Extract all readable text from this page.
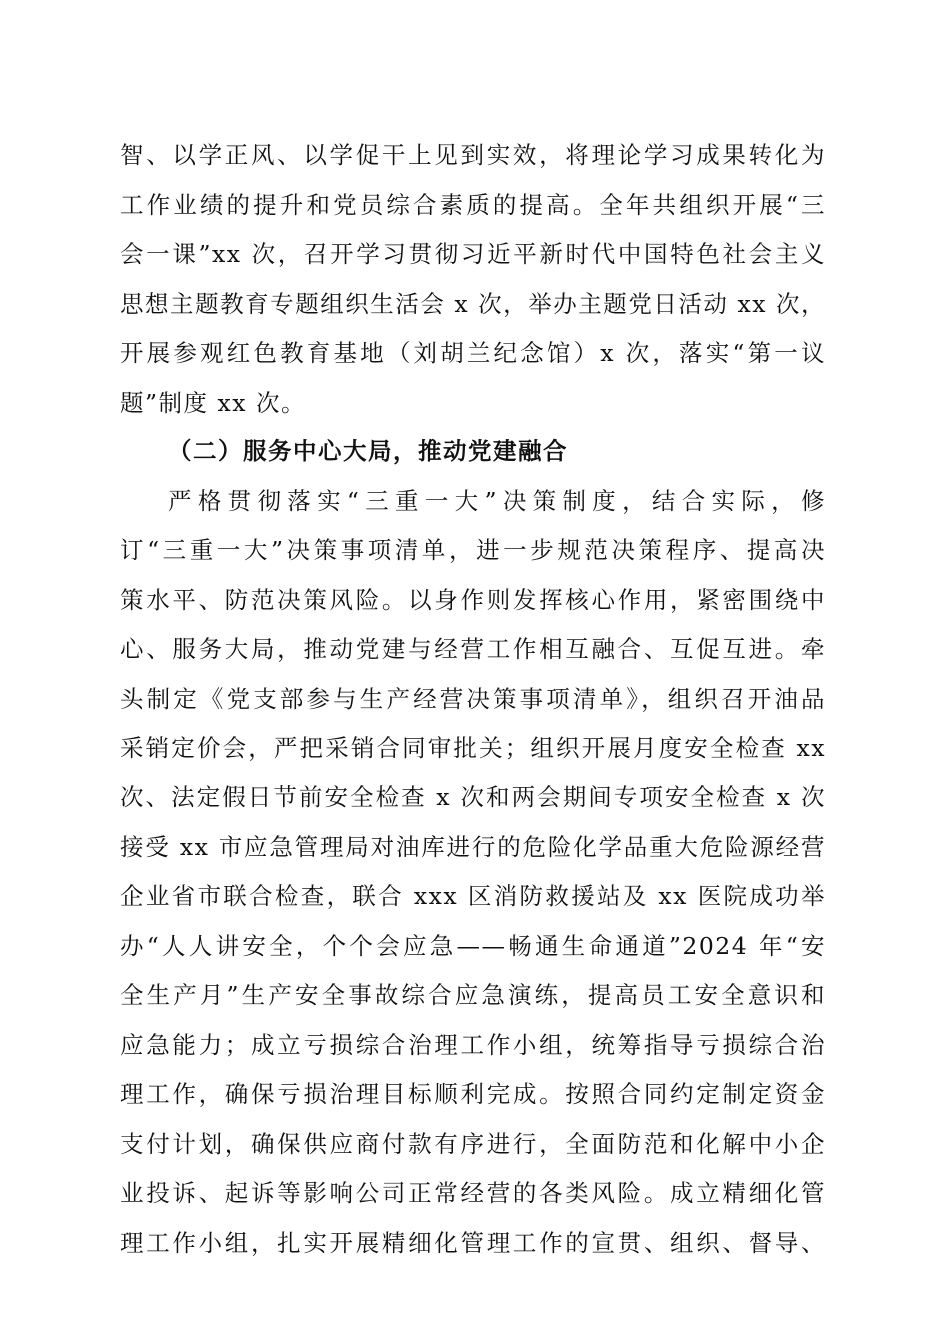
智、以学正风、以学促干上见到实效，将理论学习成果转化为
工作业绩的提升和党员综合素质的提高。全年共组织开展“三
会一课”xx 次，召开学习贯彻习近平新时代中国特色社会主义
思想主题教育专题组织生活会 x 次，举办主题党日活动 xx 次，
开展参观红色教育基地（刘胡兰纪念馆）x 次，落实“第一议
题”制度 xx 次。
（二）服务中心大局，推动党建融合
严格贯彻落实“三重一大”决策制度，结合实际，修
订“三重一大”决策事项清单，进一步规范决策程序、提高决
策水平、防范决策风险。以身作则发挥核心作用，紧密围绕中
心、服务大局，推动党建与经营工作相互融合、互促互进。牵
头制定《党支部参与生产经营决策事项清单》，组织召开油品
采销定价会，严把采销合同审批关；组织开展月度安全检查 xx
次、法定假日节前安全检查 x 次和两会期间专项安全检查 x 次
接受 xx 市应急管理局对油库进行的危险化学品重大危险源经营
企业省市联合检查，联合 xxx 区消防救援站及 xx 医院成功举
办“人人讲安全，个个会应急——畅通生命通道”2024 年“安
全生产月”生产安全事故综合应急演练，提高员工安全意识和
应急能力；成立亏损综合治理工作小组，统筹指导亏损综合治
理工作，确保亏损治理目标顺利完成。按照合同约定制定资金
支付计划，确保供应商付款有序进行，全面防范和化解中小企
业投诉、起诉等影响公司正常经营的各类风险。成立精细化管
理工作小组，扎实开展精细化管理工作的宣贯、组织、督导、
